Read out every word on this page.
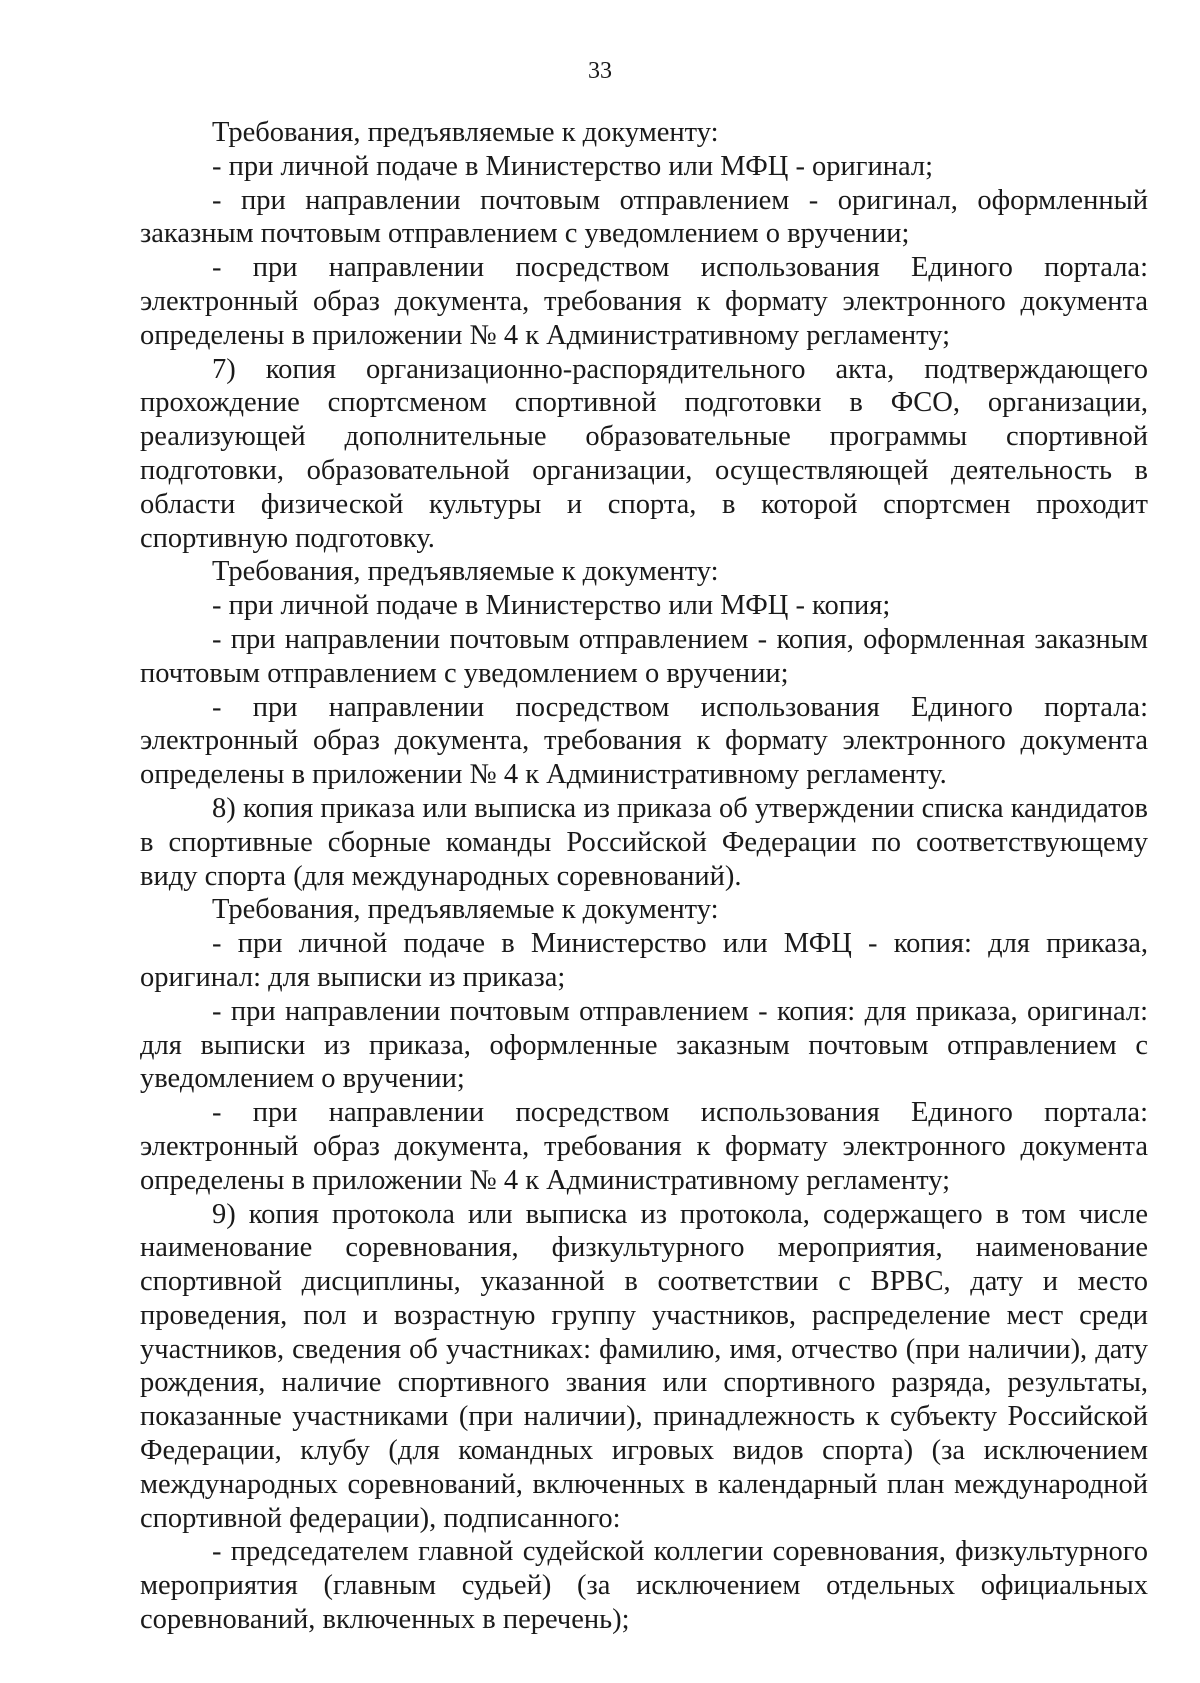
33

Требования, предъявляемые к документу:

- при личной подаче в Министерство или МФЦ - оригинал;

- при направлении почтовым отправлением - оригинал, оформленный заказным почтовым отправлением с уведомлением о вручении;

- при направлении посредством использования Единого портала: электронный образ документа, требования к формату электронного документа определены в приложении № 4 к Административному регламенту;

7) копия организационно-распорядительного акта, подтверждающего прохождение спортсменом спортивной подготовки в ФСО, организации, реализующей дополнительные образовательные программы спортивной подготовки, образовательной организации, осуществляющей деятельность в области физической культуры и спорта, в которой спортсмен проходит спортивную подготовку.

Требования, предъявляемые к документу:

- при личной подаче в Министерство или МФЦ - копия;

- при направлении почтовым отправлением - копия, оформленная заказным почтовым отправлением с уведомлением о вручении;

- при направлении посредством использования Единого портала: электронный образ документа, требования к формату электронного документа определены в приложении № 4 к Административному регламенту.

8) копия приказа или выписка из приказа об утверждении списка кандидатов в спортивные сборные команды Российской Федерации по соответствующему виду спорта (для международных соревнований).

Требования, предъявляемые к документу:

- при личной подаче в Министерство или МФЦ - копия: для приказа, оригинал: для выписки из приказа;

- при направлении почтовым отправлением - копия: для приказа, оригинал: для выписки из приказа, оформленные заказным почтовым отправлением с уведомлением о вручении;

- при направлении посредством использования Единого портала: электронный образ документа, требования к формату электронного документа определены в приложении № 4 к Административному регламенту;

9) копия протокола или выписка из протокола, содержащего в том числе наименование соревнования, физкультурного мероприятия, наименование спортивной дисциплины, указанной в соответствии с ВРВС, дату и место проведения, пол и возрастную группу участников, распределение мест среди участников, сведения об участниках: фамилию, имя, отчество (при наличии), дату рождения, наличие спортивного звания или спортивного разряда, результаты, показанные участниками (при наличии), принадлежность к субъекту Российской Федерации, клубу (для командных игровых видов спорта) (за исключением международных соревнований, включенных в календарный план международной спортивной федерации), подписанного:

- председателем главной судейской коллегии соревнования, физкультурного мероприятия (главным судьей) (за исключением отдельных официальных соревнований, включенных в перечень);
